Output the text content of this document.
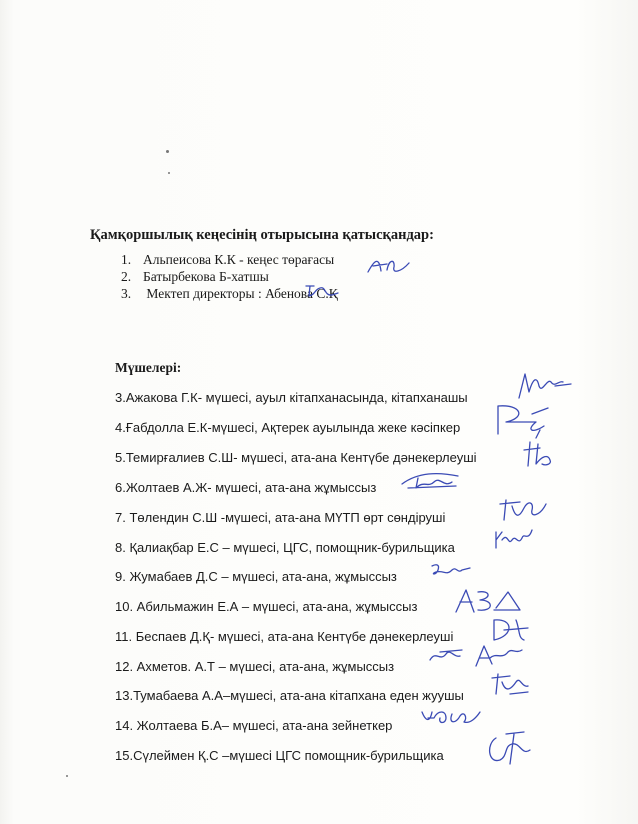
Қамқоршылық кеңесінің отырысына қатысқандар:
1. Альпеисова К.К - кеңес төрағасы
2. Батырбекова Б-хатшы
3. Мектеп директоры : Абенова С.Қ
Мүшелері:
3.Ажакова Г.К- мүшесі, ауыл кітапханасында, кітапханашы
4.Ғабдолла Е.К-мүшесі, Ақтерек ауылында жеке кәсіпкер
5.Темирғалиев С.Ш- мүшесі, ата-ана Кентүбе дәнекерлеуші
6.Жолтаев А.Ж- мүшесі, ата-ана жұмыссыз
7. Төлендин С.Ш -мүшесі, ата-ана МҮТП өрт сөндіруші
8. Қалиақбар Е.С – мүшесі, ЦГС, помощник-бурильщика
9. Жумабаев Д.С – мүшесі, ата-ана, жұмыссыз
10. Абильмажин Е.А – мүшесі, ата-ана, жұмыссыз
11. Беспаев Д.Қ- мүшесі, ата-ана Кентүбе дәнекерлеуші
12. Ахметов. А.Т – мүшесі, ата-ана, жұмыссыз
13.Тумабаева А.А–мүшесі, ата-ана кітапхана еден жуушы
14. Жолтаева Б.А– мүшесі, ата-ана зейнеткер
15.Сүлеймен Қ.С –мүшесі ЦГС помощник-бурильщика
